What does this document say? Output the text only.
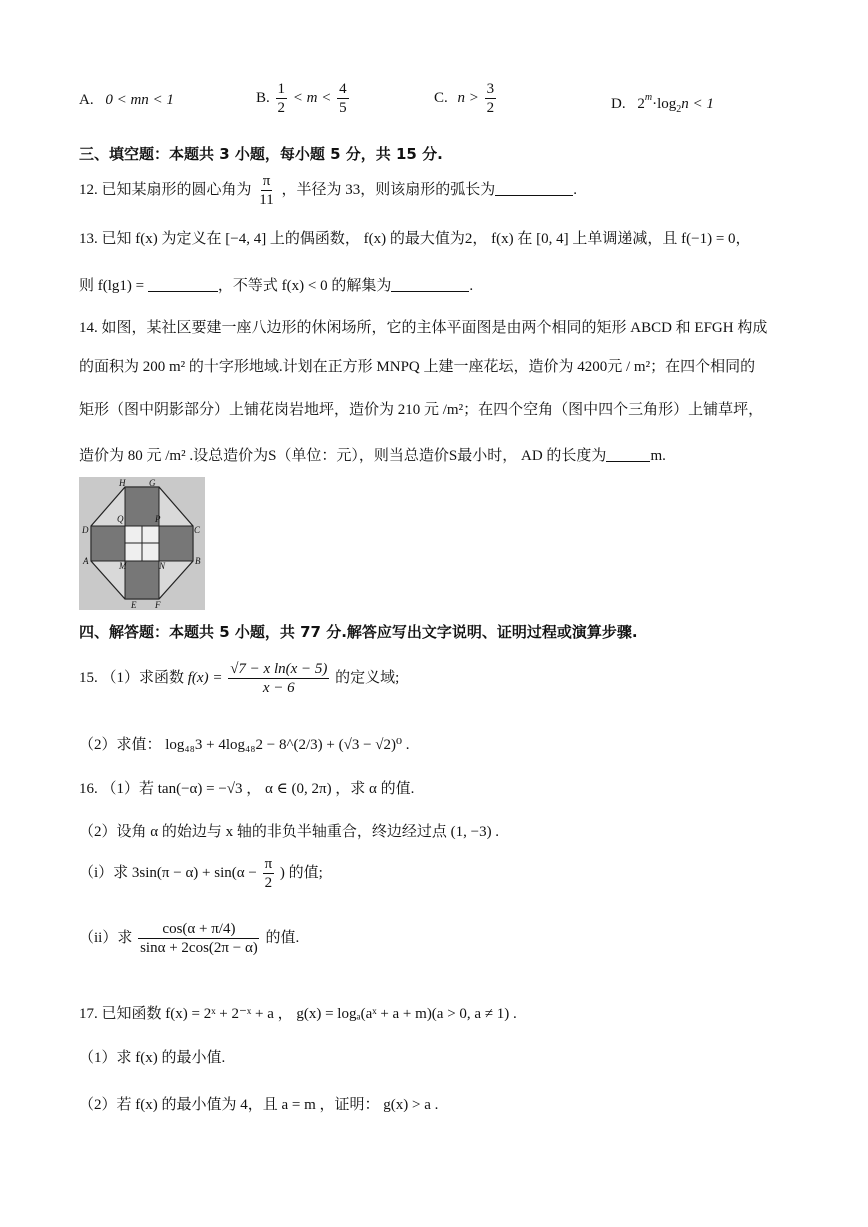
A. 0 < mn < 1	B. $\frac{1}{2} < m < \frac{4}{5}$	C. $n > \frac{3}{2}$	D. $2^m\cdot\log_2n < 1$
三、填空题：本题共 3 小题，每小题 5 分，共 15 分.
12. 已知某扇形的圆心角为 $\frac{\pi}{11}$ ，半径为 33，则该扇形的弧长为	.
13. 已知 f(x) 为定义在 [−4, 4] 上的偶函数， f(x) 的最大值为2， f(x) 在 [0, 4] 上单调递减，且 f(−1) = 0，
则 f(lg1) =	，不等式 f(x) < 0 的解集为	.
14. 如图，某社区要建一座八边形的休闲场所，它的主体平面图是由两个相同的矩形 ABCD 和 EFGH 构成
的面积为 200 m² 的十字形地域.计划在正方形 MNPQ 上建一座花坛，造价为 4200元 / m²；在四个相同的
矩形（图中阴影部分）上铺花岗岩地坪，造价为 210 元 /m²；在四个空角（图中四个三角形）上铺草坪，
造价为 80 元 /m² .设总造价为S（单位：元），则当总造价S最小时， AD 的长度为	m.
H	G
Q	P
D	C
A	B
M	N
E F
四、解答题：本题共 5 小题，共 77 分.解答应写出文字说明、证明过程或演算步骤.
15. （1）求函数 $f(x) = \frac{\text{√7 − x ln(x − 5)}}{x - 6}$ 的定义域;
（2）求值： log₄₈3 + 4log₄₈2 − 8^(2/3) + (√3 − √2)⁰ .
16. （1）若 tan(−α) = −√3 ， α ∈ (0, 2π) ，求 α 的值.
（2）设角 α 的始边与 x 轴的非负半轴重合，终边经过点 (1, −3) .
（i）求 $3\sin(\pi - \alpha) + \sin(\alpha - \frac{\pi}{2}$ ) 的值;
（ii）求 $\frac{\cos(\alpha + \pi/4)}{\sin\alpha + 2\cos(2\pi - \alpha)}$ 的值.
17. 已知函数 f(x) = 2ˣ + 2⁻ˣ + a ， g(x) = logₐ(aˣ + a + m)(a > 0, a ≠ 1) .
（1）求 f(x) 的最小值.
（2）若 f(x) 的最小值为 4，且 a = m ，证明： g(x) > a .
